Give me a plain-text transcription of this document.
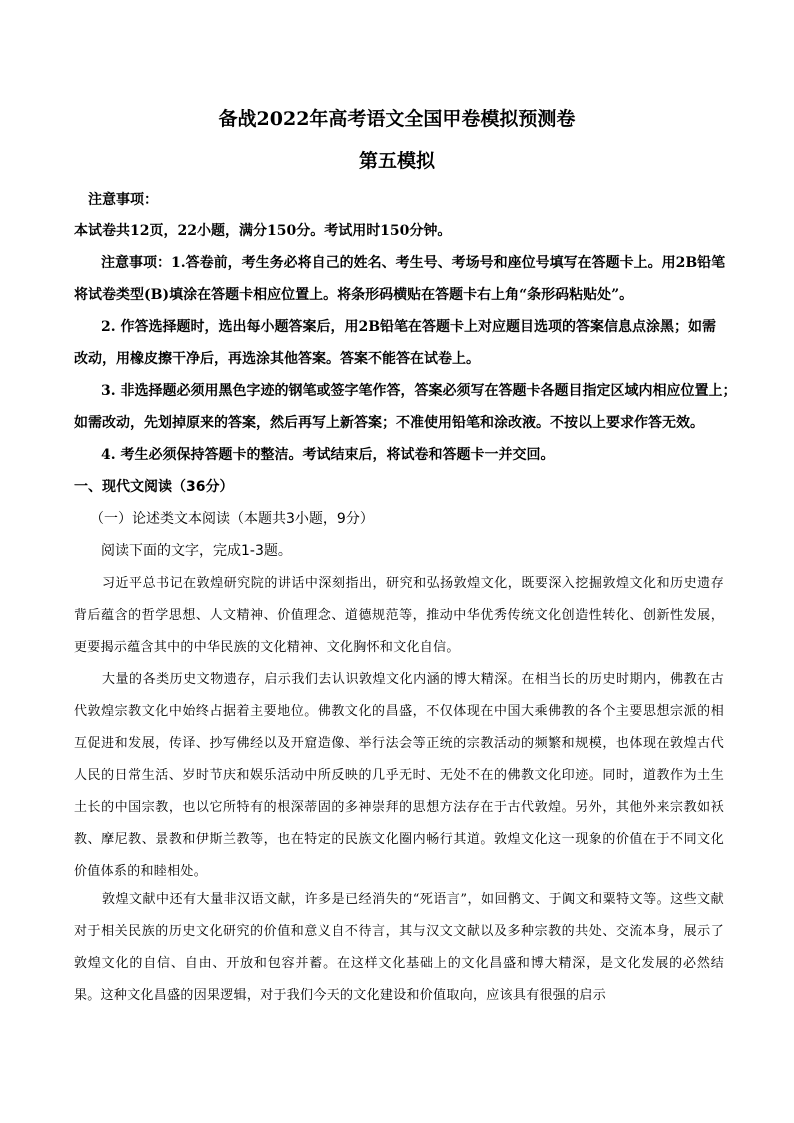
备战2022年高考语文全国甲卷模拟预测卷
第五模拟
注意事项：
本试卷共12页，22小题，满分150分。考试用时150分钟。
注意事项：1.答卷前，考生务必将自己的姓名、考生号、考场号和座位号填写在答题卡上。用2B铅笔
将试卷类型(B)填涂在答题卡相应位置上。将条形码横贴在答题卡右上角“条形码粘贴处”。
2. 作答选择题时，选出每小题答案后，用2B铅笔在答题卡上对应题目选项的答案信息点涂黑；如需
改动，用橡皮擦干净后，再选涂其他答案。答案不能答在试卷上。
3. 非选择题必须用黑色字迹的钢笔或签字笔作答，答案必须写在答题卡各题目指定区域内相应位置上；
如需改动，先划掉原来的答案，然后再写上新答案；不准使用铅笔和涂改液。不按以上要求作答无效。
4. 考生必须保持答题卡的整洁。考试结束后，将试卷和答题卡一并交回。
一、现代文阅读（36分）
（一）论述类文本阅读（本题共3小题，9分）
阅读下面的文字，完成1-3题。
习近平总书记在敦煌研究院的讲话中深刻指出，研究和弘扬敦煌文化，既要深入挖掘敦煌文化和历史遗存背后蕴含的哲学思想、人文精神、价值理念、道德规范等，推动中华优秀传统文化创造性转化、创新性发展，更要揭示蕴含其中的中华民族的文化精神、文化胸怀和文化自信。
大量的各类历史文物遗存，启示我们去认识敦煌文化内涵的博大精深。在相当长的历史时期内，佛教在古代敦煌宗教文化中始终占据着主要地位。佛教文化的昌盛，不仅体现在中国大乘佛教的各个主要思想宗派的相互促进和发展，传译、抄写佛经以及开窟造像、举行法会等正统的宗教活动的频繁和规模，也体现在敦煌古代人民的日常生活、岁时节庆和娱乐活动中所反映的几乎无时、无处不在的佛教文化印迹。同时，道教作为土生土长的中国宗教，也以它所特有的根深蒂固的多神崇拜的思想方法存在于古代敦煌。另外，其他外来宗教如袄教、摩尼教、景教和伊斯兰教等，也在特定的民族文化圈内畅行其道。敦煌文化这一现象的价值在于不同文化价值体系的和睦相处。
敦煌文献中还有大量非汉语文献，许多是已经消失的“死语言”，如回鹘文、于阗文和粟特文等。这些文献对于相关民族的历史文化研究的价值和意义自不待言，其与汉文文献以及多种宗教的共处、交流本身，展示了敦煌文化的自信、自由、开放和包容并蓄。在这样文化基础上的文化昌盛和博大精深，是文化发展的必然结果。这种文化昌盛的因果逻辑，对于我们今天的文化建设和价值取向，应该具有很强的启示
